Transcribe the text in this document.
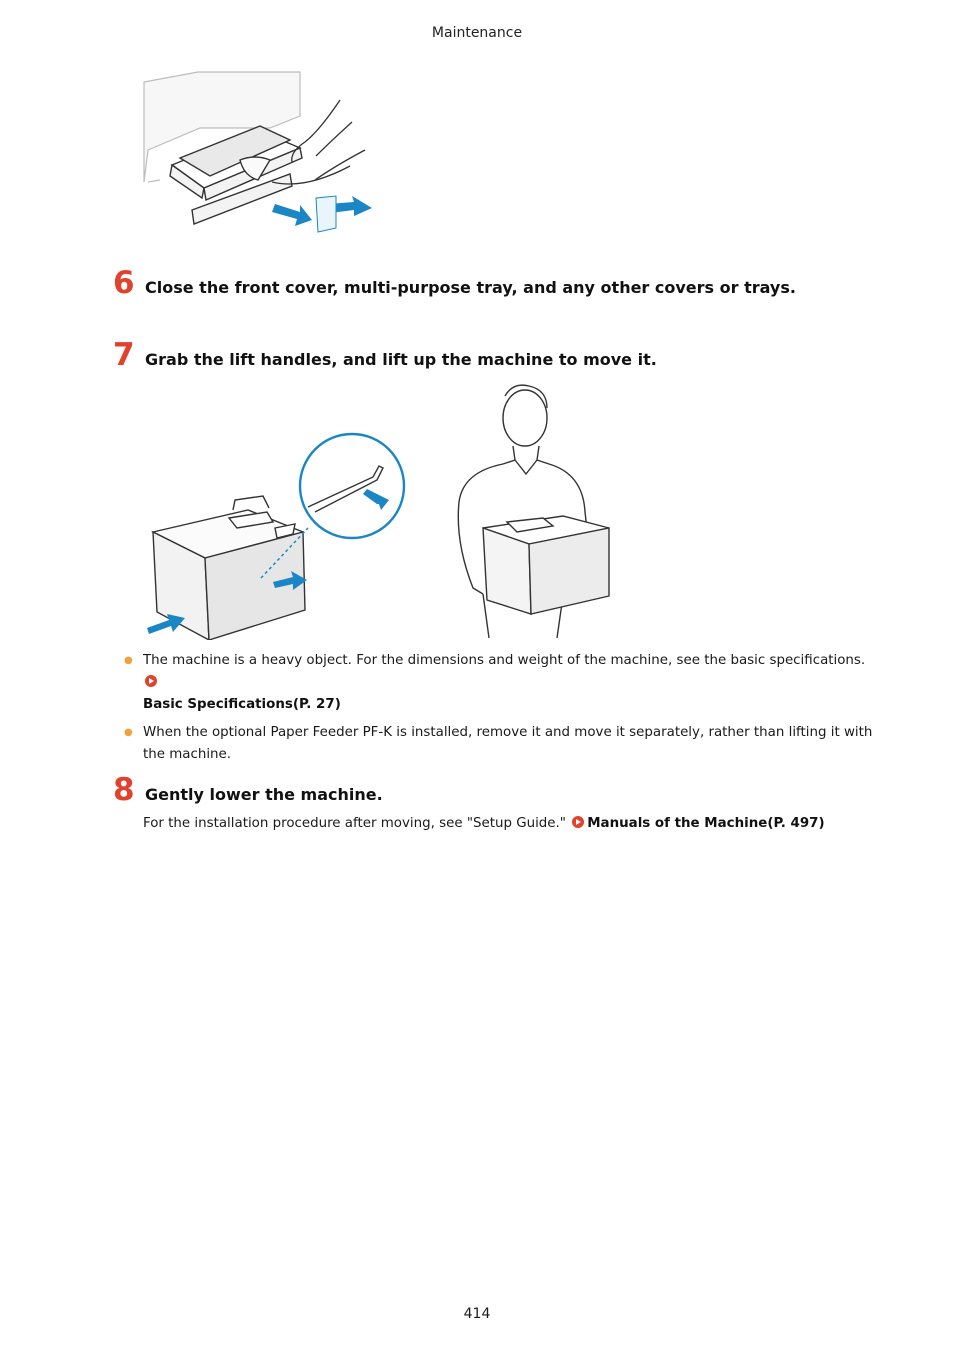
Maintenance
6 Close the front cover, multi-purpose tray, and any other covers or trays.
7 Grab the lift handles, and lift up the machine to move it.
● The machine is a heavy object. For the dimensions and weight of the machine, see the basic specifications.
Basic Specifications(P. 27)
● When the optional Paper Feeder PF-K is installed, remove it and move it separately, rather than lifting it with the machine.
8 Gently lower the machine.
For the installation procedure after moving, see "Setup Guide." Manuals of the Machine(P. 497)
414
